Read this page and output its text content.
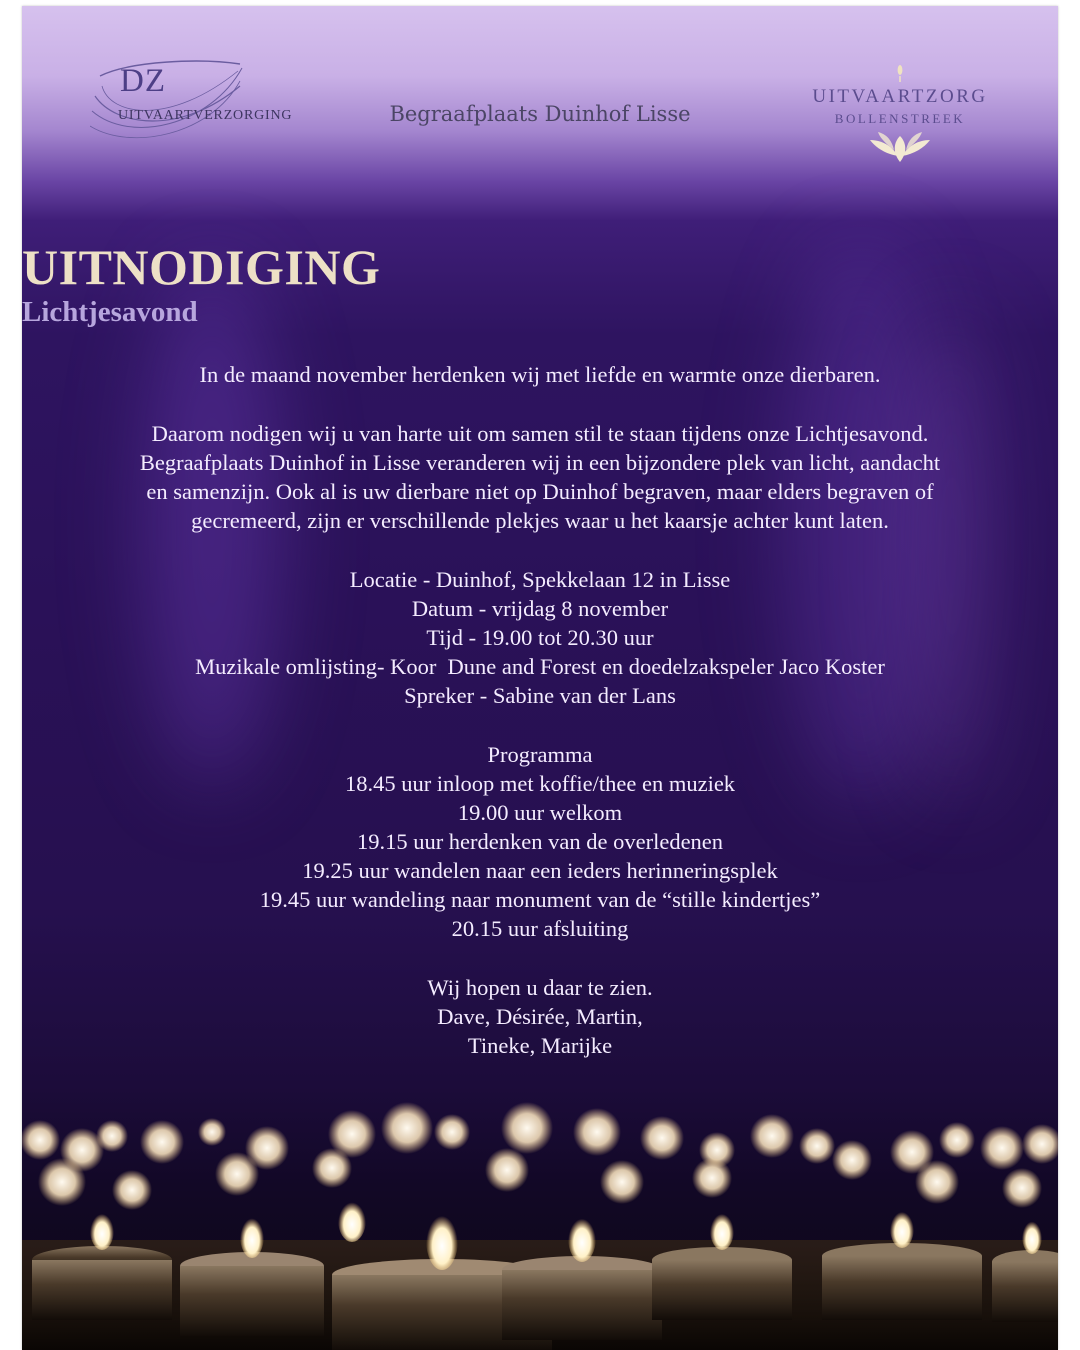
DZ
UITVAARTVERZORGING	Begraafplaats Duinhof Lisse
UITVAARTZORG
BOLLENSTREEK
UITNODIGING
Lichtjesavond
In de maand november herdenken wij met liefde en warmte onze dierbaren.
Daarom nodigen wij u van harte uit om samen stil te staan tijdens onze Lichtjesavond.
Begraafplaats Duinhof in Lisse veranderen wij in een bijzondere plek van licht, aandacht
en samenzijn. Ook al is uw dierbare niet op Duinhof begraven, maar elders begraven of
gecremeerd, zijn er verschillende plekjes waar u het kaarsje achter kunt laten.
Locatie - Duinhof, Spekkelaan 12 in Lisse
Datum - vrijdag 8 november
Tijd - 19.00 tot 20.30 uur
Muzikale omlijsting- Koor  Dune and Forest en doedelzakspeler Jaco Koster
Spreker - Sabine van der Lans
Programma
18.45 uur inloop met koffie/thee en muziek
19.00 uur welkom
19.15 uur herdenken van de overledenen
19.25 uur wandelen naar een ieders herinneringsplek
19.45 uur wandeling naar monument van de “stille kindertjes”
20.15 uur afsluiting
Wij hopen u daar te zien.
Dave, Désirée, Martin,
Tineke, Marijke
